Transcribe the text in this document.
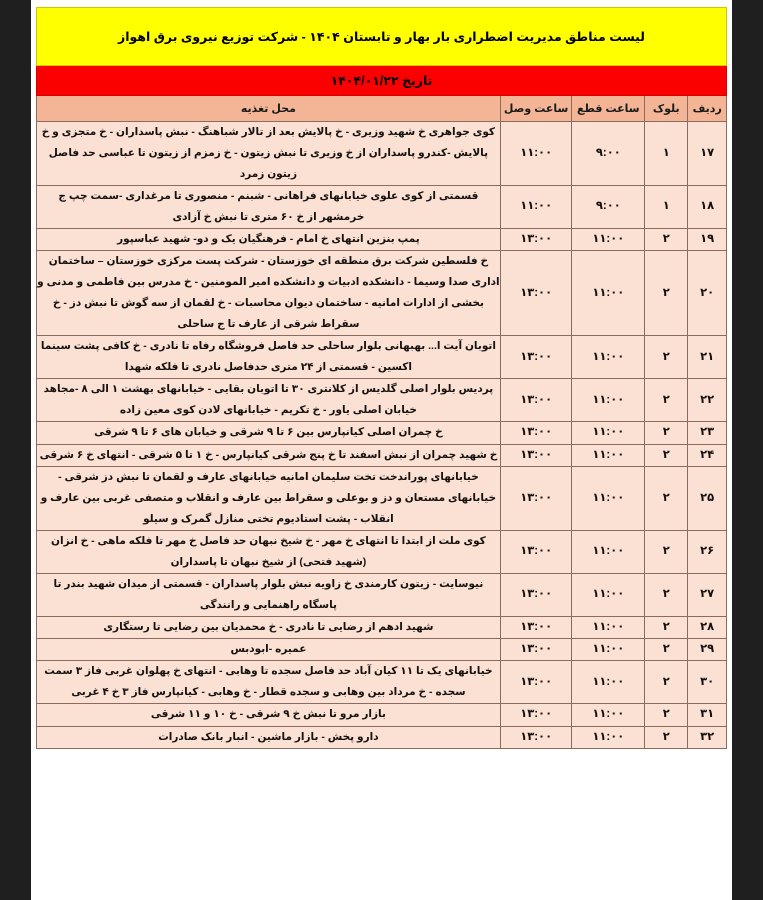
لیست مناطق مدیریت اضطراری بار بهار و تابستان ۱۴۰۴ - شرکت توزیع نیروی برق اهواز				
تاریخ ۱۴۰۴/۰۱/۲۲				
ردیف	بلوک	ساعت قطع	ساعت وصل	محل تغذیه
۱۷	۱	۹:۰۰	۱۱:۰۰	کوی جواهری خ شهید وزیری - خ پالایش بعد از تالار شباهنگ - نبش پاسداران - خ متجزی و خ پالایش -کندرو پاسداران از خ وزیری تا نبش زیتون - خ زمزم از زیتون تا عباسی حد فاصل زیتون زمرد
۱۸	۱	۹:۰۰	۱۱:۰۰	قسمتی از کوی علوی خیابانهای فراهانی - شبنم - منصوری تا مرغداری -سمت چپ ج خرمشهر از خ ۶۰ متری تا نبش خ آزادی
۱۹	۲	۱۱:۰۰	۱۳:۰۰	پمپ بنزین انتهای خ امام - فرهنگیان یک و دو- شهید عباسپور
۲۰	۲	۱۱:۰۰	۱۳:۰۰	خ فلسطین شرکت برق منطقه ای خوزستان - شرکت پست مرکزی خوزستان – ساختمان اداری صدا وسیما - دانشکده ادبیات و دانشکده امیر المومنین - خ مدرس بین فاطمی و مدنی و بخشی از ادارات امانیه - ساختمان دیوان محاسبات - خ لقمان از سه گوش تا نبش دز - خ سقراط شرقی از عارف تا ج ساحلی
۲۱	۲	۱۱:۰۰	۱۳:۰۰	اتوبان آیت ا... بهبهانی بلوار ساحلی حد فاصل فروشگاه رفاه تا نادری - خ کافی پشت سینما اکسین - قسمتی از ۲۴ متری حدفاصل نادری تا فلکه شهدا
۲۲	۲	۱۱:۰۰	۱۳:۰۰	پردیس بلوار اصلی گلدیس از کلانتری ۳۰ تا اتوبان بقایی - خیابانهای بهشت ۱ الی ۸ -مجاهد خیابان اصلی یاور - خ تکریم - خیابانهای لادن کوی معین زاده
۲۳	۲	۱۱:۰۰	۱۳:۰۰	خ چمران اصلی کیانپارس بین ۶ تا ۹ شرقی و خیابان های ۶ تا ۹ شرقی
۲۴	۲	۱۱:۰۰	۱۳:۰۰	خ شهید چمران از نبش اسفند تا خ پنج شرقی کیانپارس - خ ۱ تا ۵ شرقی - انتهای خ ۶ شرقی
۲۵	۲	۱۱:۰۰	۱۳:۰۰	خیابانهای پوراندخت تخت سلیمان امانیه خیابانهای عارف و لقمان تا نبش دز شرقی - خیابانهای مستعان و دز و بوعلی و سقراط بین عارف و انقلاب و متصفی غربی بین عارف و انقلاب - پشت استادیوم تختی منازل گمرک و سیلو
۲۶	۲	۱۱:۰۰	۱۳:۰۰	کوی ملت از ابتدا تا انتهای خ مهر - خ شیخ نبهان حد فاصل خ مهر تا فلکه ماهی - خ انزان (شهید فتحی) از شیخ نبهان تا پاسداران
۲۷	۲	۱۱:۰۰	۱۳:۰۰	نیوسایت - زیتون کارمندی خ زاویه نبش بلوار پاسداران - قسمتی از میدان شهید بندر تا پاسگاه راهنمایی و رانندگی
۲۸	۲	۱۱:۰۰	۱۳:۰۰	شهید ادهم از رضایی تا نادری - خ محمدیان بین رضایی تا رستگاری
۲۹	۲	۱۱:۰۰	۱۳:۰۰	عمیره -ابودبس
۳۰	۲	۱۱:۰۰	۱۳:۰۰	خیابانهای یک تا ۱۱ کیان آباد حد فاصل سجده تا وهابی - انتهای خ پهلوان غربی فاز ۳ سمت سجده - خ مرداد بین وهابی و سجده قطار - خ وهابی - کیانپارس فاز ۳ خ ۴ غربی
۳۱	۲	۱۱:۰۰	۱۳:۰۰	بازار مرو تا نبش خ ۹ شرقی - خ ۱۰ و ۱۱ شرقی
۳۲	۲	۱۱:۰۰	۱۳:۰۰	دارو پخش - بازار ماشین - انبار بانک صادرات
